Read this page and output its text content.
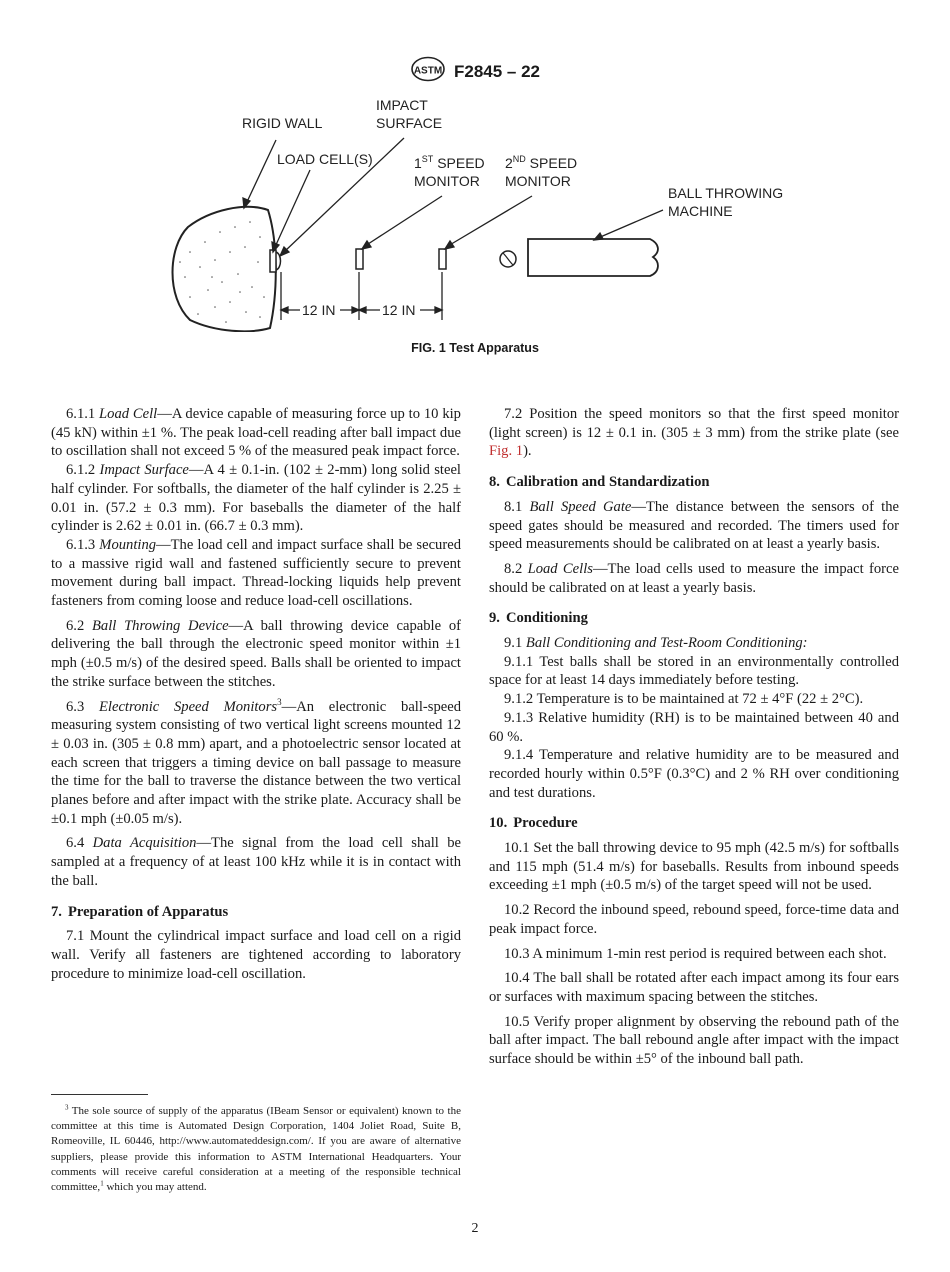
ASTM F2845 – 22
12 IN	12 IN
RIGID WALL
IMPACT
SURFACE
LOAD CELL(S)	1ST SPEED
MONITOR
2ND SPEED
MONITOR
BALL THROWING
MACHINE
FIG. 1 Test Apparatus

6.1.1 Load Cell—A device capable of measuring force up to 10 kip (45 kN) within ±1 %. The peak load-cell reading after ball impact due to oscillation shall not exceed 5 % of the measured peak impact force.

6.1.2 Impact Surface—A 4 ± 0.1-in. (102 ± 2-mm) long solid steel half cylinder. For softballs, the diameter of the half cylinder is 2.25 ± 0.01 in. (57.2 ± 0.3 mm). For baseballs the diameter of the half cylinder is 2.62 ± 0.01 in. (66.7 ± 0.3 mm).

6.1.3 Mounting—The load cell and impact surface shall be secured to a massive rigid wall and fastened sufficiently secure to prevent movement during ball impact. Thread-locking liquids help prevent fasteners from coming loose and reduce load-cell oscillations.

6.2 Ball Throwing Device—A ball throwing device capable of delivering the ball through the electronic speed monitor within ±1 mph (±0.5 m/s) of the desired speed. Balls shall be oriented to impact the strike surface between the stitches.

6.3 Electronic Speed Monitors$^3$—An electronic ball-speed measuring system consisting of two vertical light screens mounted 12 ± 0.03 in. (305 ± 0.8 mm) apart, and a photoelectric sensor located at each screen that triggers a timing device on ball passage to measure the time for the ball to traverse the distance between the two vertical planes before and after impact with the strike plate. Accuracy shall be ±0.1 mph (±0.05 m/s).

6.4 Data Acquisition—The signal from the load cell shall be sampled at a frequency of at least 100 kHz while it is in contact with the ball.

7. Preparation of Apparatus

7.1 Mount the cylindrical impact surface and load cell on a rigid wall. Verify all fasteners are tightened according to laboratory procedure to minimize load-cell oscillation.

$^3$ The sole source of supply of the apparatus (IBeam Sensor or equivalent) known to the committee at this time is Automated Design Corporation, 1404 Joliet Road, Suite B, Romeoville, IL 60446, http://www.automateddesign.com/. If you are aware of alternative suppliers, please provide this information to ASTM International Headquarters. Your comments will receive careful consideration at a meeting of the responsible technical committee,$^1$ which you may attend.

7.2 Position the speed monitors so that the first speed monitor (light screen) is 12 ± 0.1 in. (305 ± 3 mm) from the strike plate (see Fig. 1).

8. Calibration and Standardization

8.1 Ball Speed Gate—The distance between the sensors of the speed gates should be measured and recorded. The timers used for speed measurements should be calibrated on at least a yearly basis.

8.2 Load Cells—The load cells used to measure the impact force should be calibrated on at least a yearly basis.

9. Conditioning

9.1 Ball Conditioning and Test-Room Conditioning:

9.1.1 Test balls shall be stored in an environmentally controlled space for at least 14 days immediately before testing.

9.1.2 Temperature is to be maintained at 72 ± 4°F (22 ± 2°C).

9.1.3 Relative humidity (RH) is to be maintained between 40 and 60 %.

9.1.4 Temperature and relative humidity are to be measured and recorded hourly within 0.5°F (0.3°C) and 2 % RH over conditioning and test durations.

10. Procedure

10.1 Set the ball throwing device to 95 mph (42.5 m/s) for softballs and 115 mph (51.4 m/s) for baseballs. Results from inbound speeds exceeding ±1 mph (±0.5 m/s) of the target speed will not be used.

10.2 Record the inbound speed, rebound speed, force-time data and peak impact force.

10.3 A minimum 1-min rest period is required between each shot.

10.4 The ball shall be rotated after each impact among its four ears or surfaces with maximum spacing between the stitches.

10.5 Verify proper alignment by observing the rebound path of the ball after impact. The ball rebound angle after impact with the impact surface should be within ±5° of the inbound ball path.

2
